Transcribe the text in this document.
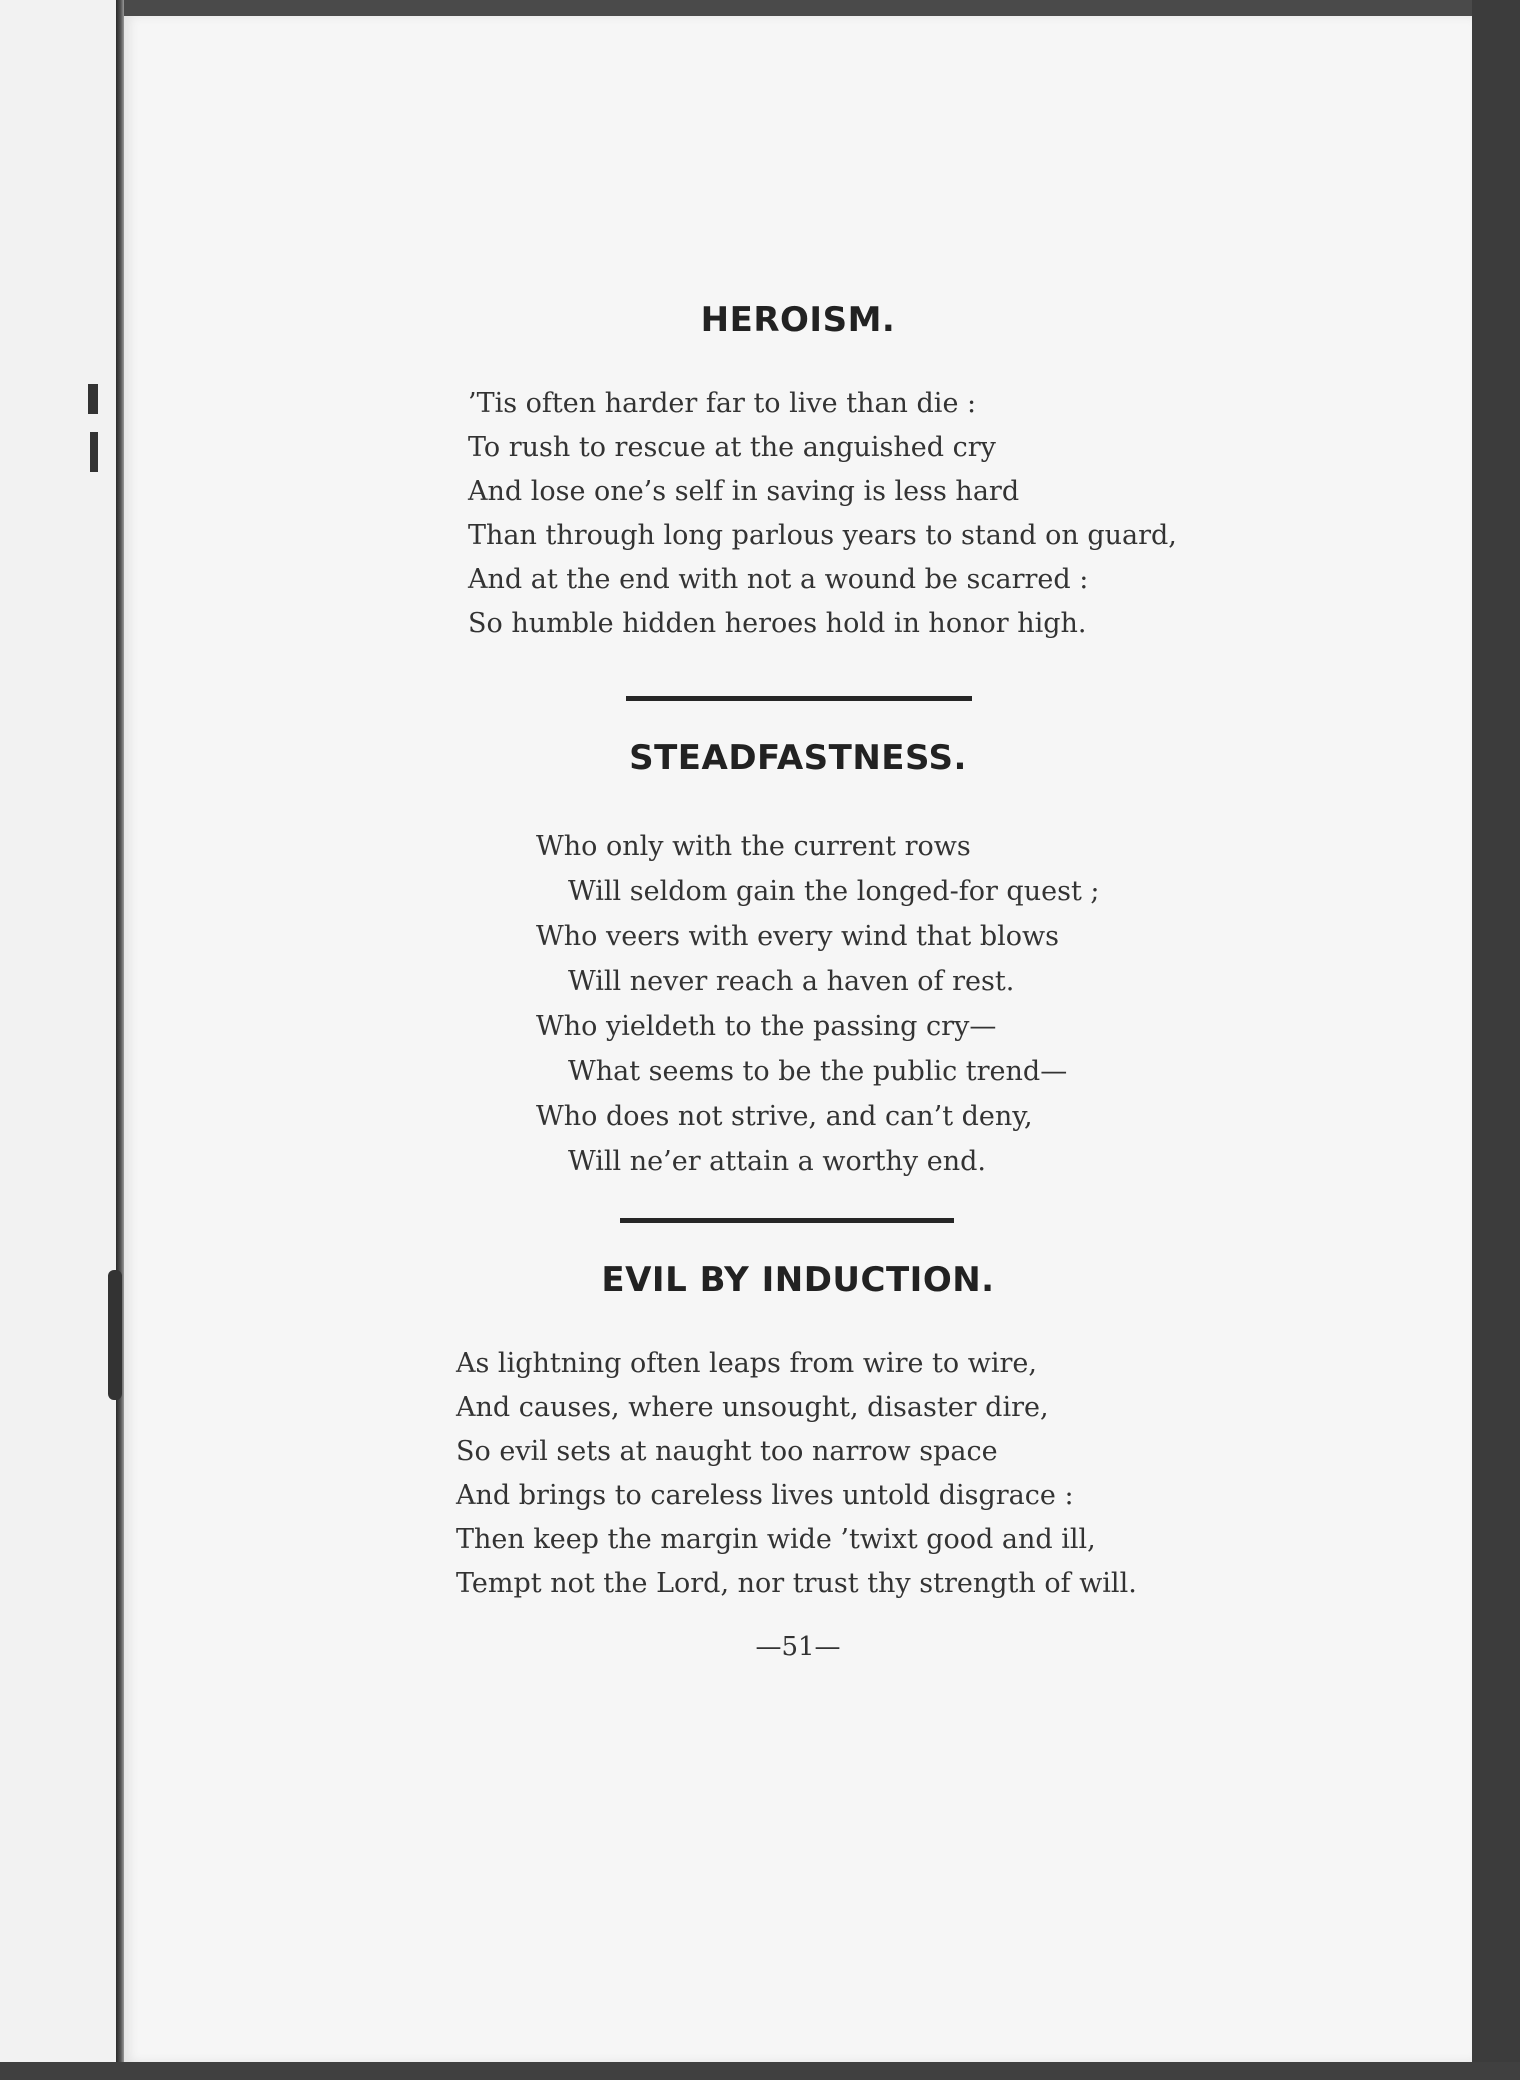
HEROISM.
’Tis often harder far to live than die :
To rush to rescue at the anguished cry
And lose one’s self in saving is less hard
Than through long parlous years to stand on guard,
And at the end with not a wound be scarred :
So humble hidden heroes hold in honor high.
STEADFASTNESS.
Who only with the current rows
Will seldom gain the longed-for quest ;
Who veers with every wind that blows
Will never reach a haven of rest.
Who yieldeth to the passing cry—
What seems to be the public trend—
Who does not strive, and can’t deny,
Will ne’er attain a worthy end.
EVIL BY INDUCTION.
As lightning often leaps from wire to wire,
And causes, where unsought, disaster dire,
So evil sets at naught too narrow space
And brings to careless lives untold disgrace :
Then keep the margin wide ’twixt good and ill,
Tempt not the Lord, nor trust thy strength of will.
—51—
